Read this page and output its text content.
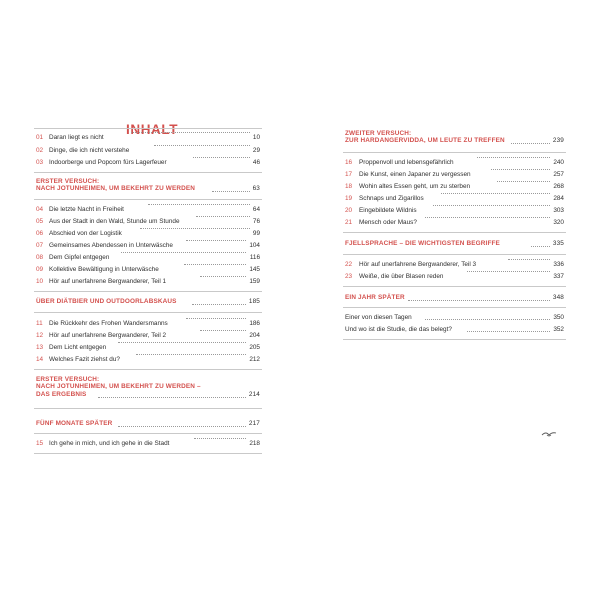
INHALT
01 Daran liegt es nicht	10
02 Dinge, die ich nicht verstehe	29
03 Indoorberge und Popcorn fürs Lagerfeuer	46
ERSTER VERSUCH:
NACH JOTUNHEIMEN, UM BEKEHRT ZU WERDEN	63
04 Die letzte Nacht in Freiheit	64
05 Aus der Stadt in den Wald, Stunde um Stunde	76
06 Abschied von der Logistik	99
07 Gemeinsames Abendessen in Unterwäsche	104
08 Dem Gipfel entgegen	116
09 Kollektive Bewältigung in Unterwäsche	145
10 Hör auf unerfahrene Bergwanderer, Teil 1	159
ÜBER DIÄTBIER UND OUTDOORLABSKAUS	185
11 Die Rückkehr des Frohen Wandersmanns	186
12 Hör auf unerfahrene Bergwanderer, Teil 2	204
13 Dem Licht entgegen	205
14 Welches Fazit ziehst du?	212
ERSTER VERSUCH:
NACH JOTUNHEIMEN, UM BEKEHRT ZU WERDEN –
DAS ERGEBNIS	214
FÜNF MONATE SPÄTER	217
15 Ich gehe in mich, und ich gehe in die Stadt	218
ZWEITER VERSUCH:
ZUR HARDANGERVIDDA, UM LEUTE ZU TREFFEN	239
16 Proppenvoll und lebensgefährlich	240
17 Die Kunst, einen Japaner zu vergessen	257
18 Wohin altes Essen geht, um zu sterben	268
19 Schnaps und Zigarillos	284
20 Eingebildete Wildnis	303
21 Mensch oder Maus?	320
FJELLSPRACHE – DIE WICHTIGSTEN BEGRIFFE	335
22 Hör auf unerfahrene Bergwanderer, Teil 3	336
23 Weiße, die über Blasen reden	337
EIN JAHR SPÄTER	348
Einer von diesen Tagen	350
Und wo ist die Studie, die das belegt?	352
